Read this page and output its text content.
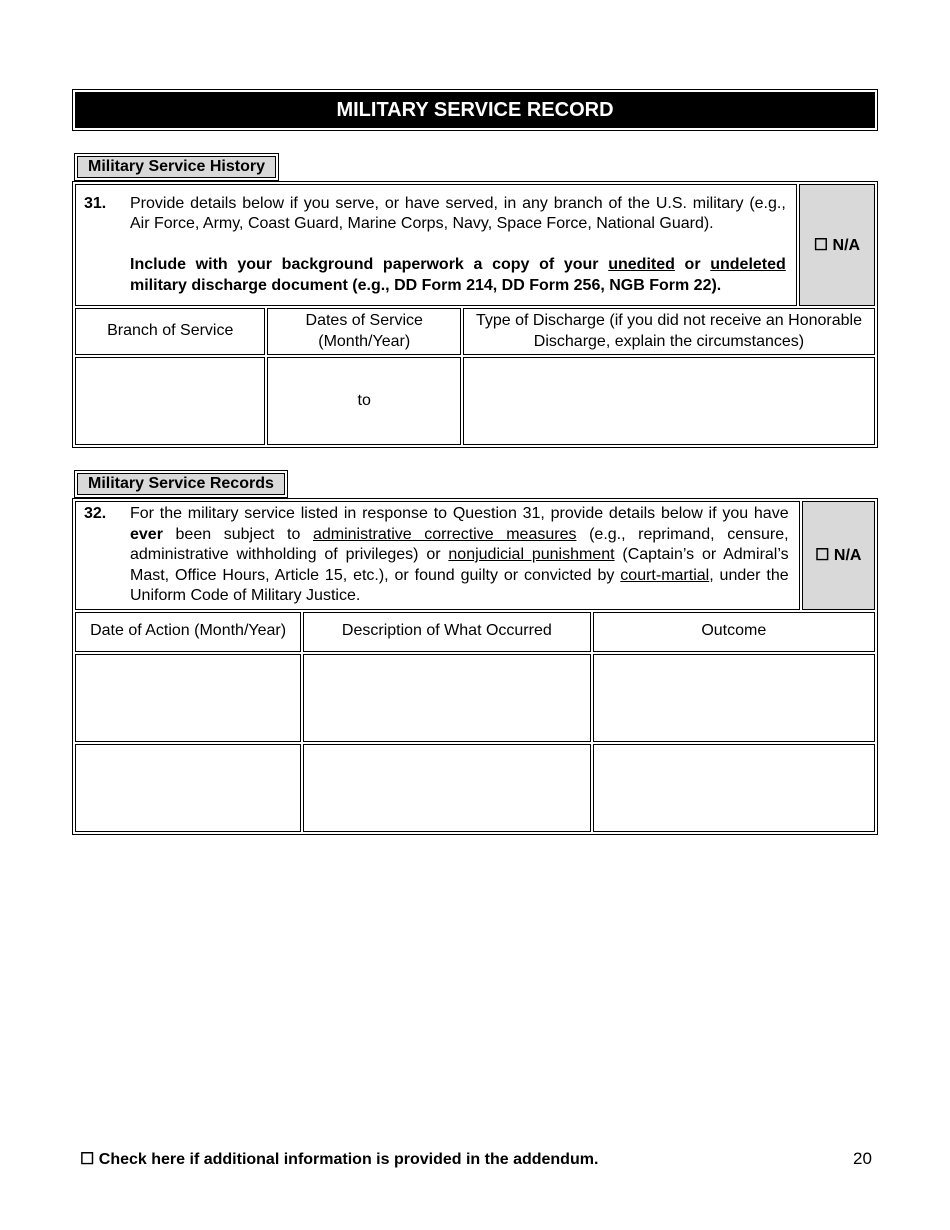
MILITARY SERVICE RECORD
Military Service History
31. Provide details below if you serve, or have served, in any branch of the U.S. military (e.g., Air Force, Army, Coast Guard, Marine Corps, Navy, Space Force, National Guard).
Include with your background paperwork a copy of your unedited or undeleted military discharge document (e.g., DD Form 214, DD Form 256, NGB Form 22).			☐ N/A
Branch of Service	Dates of Service (Month/Year)	Type of Discharge (if you did not receive an Honorable Discharge, explain the circumstances)	
	to		
Military Service Records
32. For the military service listed in response to Question 31, provide details below if you have ever been subject to administrative corrective measures (e.g., reprimand, censure, administrative withholding of privileges) or nonjudicial punishment (Captain’s or Admiral’s Mast, Office Hours, Article 15, etc.), or found guilty or convicted by court-martial, under the Uniform Code of Military Justice.			☐ N/A
Date of Action (Month/Year)	Description of What Occurred	Outcome	

☐ Check here if additional information is provided in the addendum.	20
